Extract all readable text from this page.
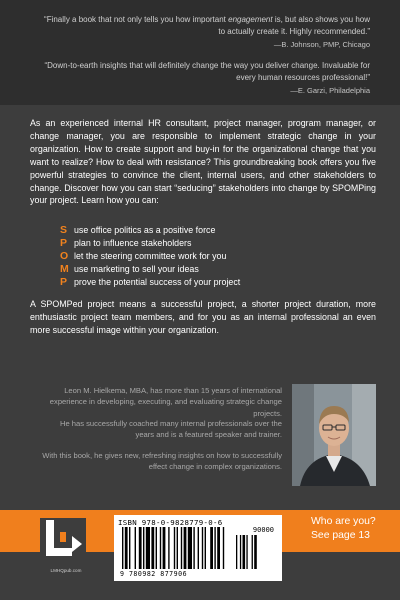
“Finally a book that not only tells you how important engagement is, but also shows you how to actually create it. Highly recommended.”
—B. Johnson, PMP, Chicago
“Down-to-earth insights that will definitely change the way you deliver change. Invaluable for every human resources professional!”
—E. Garzi, Philadelphia

As an experienced internal HR consultant, project manager, program manager, or change manager, you are responsible to implement strategic change in your organization. How to create support and buy-in for the organizational change that you want to realize? How to deal with resistance? This groundbreaking book offers you five powerful strategies to convince the client, internal users, and other stakeholders to change. Discover how you can start “seducing” stakeholders into change by SPOMPing your project. Learn how you can:

S use office politics as a positive force
P plan to influence stakeholders
O let the steering committee work for you
M use marketing to sell your ideas
P prove the potential success of your project

A SPOMPed project means a successful project, a shorter project duration, more enthusiastic project team members, and for you as an internal professional an even more successful image within your organization.

Leon M. Hielkema, MBA, has more than 15 years of international experience in developing, executing, and evaluating strategic change projects.

He has successfully coached many internal professionals over the years and is a featured speaker and trainer.

With this book, he gives new, refreshing insights on how to successfully effect change in complex organizations.

Who are you?
See page 13
LMHQpub.com
ISBN 978-0-9828779-0-6
90000
9 780982 877906
